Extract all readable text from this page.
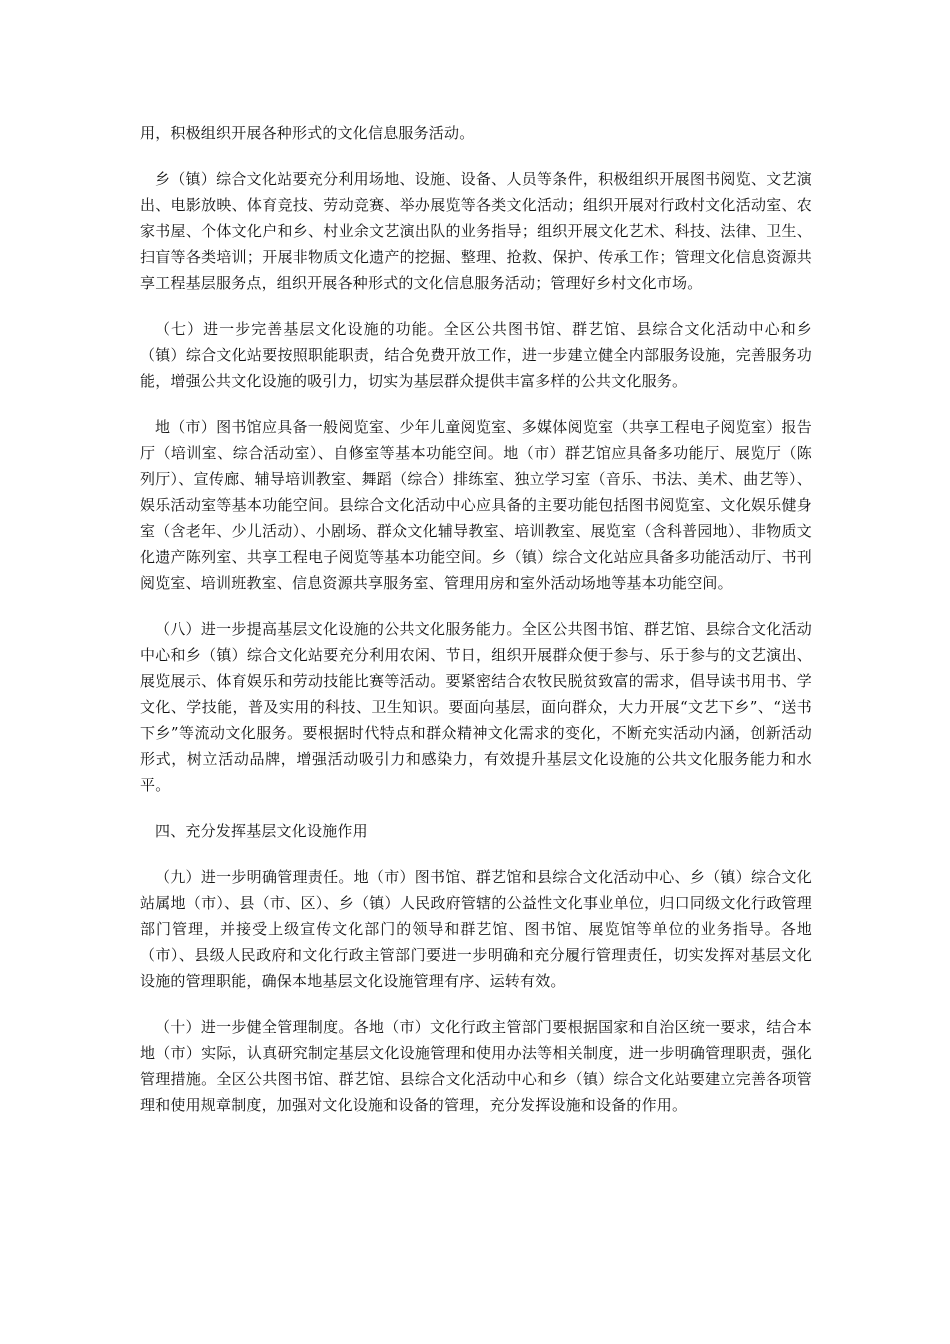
用，积极组织开展各种形式的文化信息服务活动。

乡（镇）综合文化站要充分利用场地、设施、设备、人员等条件，积极组织开展图书阅览、文艺演出、电影放映、体育竞技、劳动竞赛、举办展览等各类文化活动；组织开展对行政村文化活动室、农家书屋、个体文化户和乡、村业余文艺演出队的业务指导；组织开展文化艺术、科技、法律、卫生、扫盲等各类培训；开展非物质文化遗产的挖掘、整理、抢救、保护、传承工作；管理文化信息资源共享工程基层服务点，组织开展各种形式的文化信息服务活动；管理好乡村文化市场。

（七）进一步完善基层文化设施的功能。全区公共图书馆、群艺馆、县综合文化活动中心和乡（镇）综合文化站要按照职能职责，结合免费开放工作，进一步建立健全内部服务设施，完善服务功能，增强公共文化设施的吸引力，切实为基层群众提供丰富多样的公共文化服务。

地（市）图书馆应具备一般阅览室、少年儿童阅览室、多媒体阅览室（共享工程电子阅览室）报告厅（培训室、综合活动室）、自修室等基本功能空间。地（市）群艺馆应具备多功能厅、展览厅（陈列厅）、宣传廊、辅导培训教室、舞蹈（综合）排练室、独立学习室（音乐、书法、美术、曲艺等）、娱乐活动室等基本功能空间。县综合文化活动中心应具备的主要功能包括图书阅览室、文化娱乐健身室（含老年、少儿活动）、小剧场、群众文化辅导教室、培训教室、展览室（含科普园地）、非物质文化遗产陈列室、共享工程电子阅览等基本功能空间。乡（镇）综合文化站应具备多功能活动厅、书刊阅览室、培训班教室、信息资源共享服务室、管理用房和室外活动场地等基本功能空间。

（八）进一步提高基层文化设施的公共文化服务能力。全区公共图书馆、群艺馆、县综合文化活动中心和乡（镇）综合文化站要充分利用农闲、节日，组织开展群众便于参与、乐于参与的文艺演出、展览展示、体育娱乐和劳动技能比赛等活动。要紧密结合农牧民脱贫致富的需求，倡导读书用书、学文化、学技能，普及实用的科技、卫生知识。要面向基层，面向群众，大力开展“文艺下乡”、“送书下乡”等流动文化服务。要根据时代特点和群众精神文化需求的变化，不断充实活动内涵，创新活动形式，树立活动品牌，增强活动吸引力和感染力，有效提升基层文化设施的公共文化服务能力和水平。

四、充分发挥基层文化设施作用

（九）进一步明确管理责任。地（市）图书馆、群艺馆和县综合文化活动中心、乡（镇）综合文化站属地（市）、县（市、区）、乡（镇）人民政府管辖的公益性文化事业单位，归口同级文化行政管理部门管理，并接受上级宣传文化部门的领导和群艺馆、图书馆、展览馆等单位的业务指导。各地（市）、县级人民政府和文化行政主管部门要进一步明确和充分履行管理责任，切实发挥对基层文化设施的管理职能，确保本地基层文化设施管理有序、运转有效。

（十）进一步健全管理制度。各地（市）文化行政主管部门要根据国家和自治区统一要求，结合本地（市）实际，认真研究制定基层文化设施管理和使用办法等相关制度，进一步明确管理职责，强化管理措施。全区公共图书馆、群艺馆、县综合文化活动中心和乡（镇）综合文化站要建立完善各项管理和使用规章制度，加强对文化设施和设备的管理，充分发挥设施和设备的作用。
